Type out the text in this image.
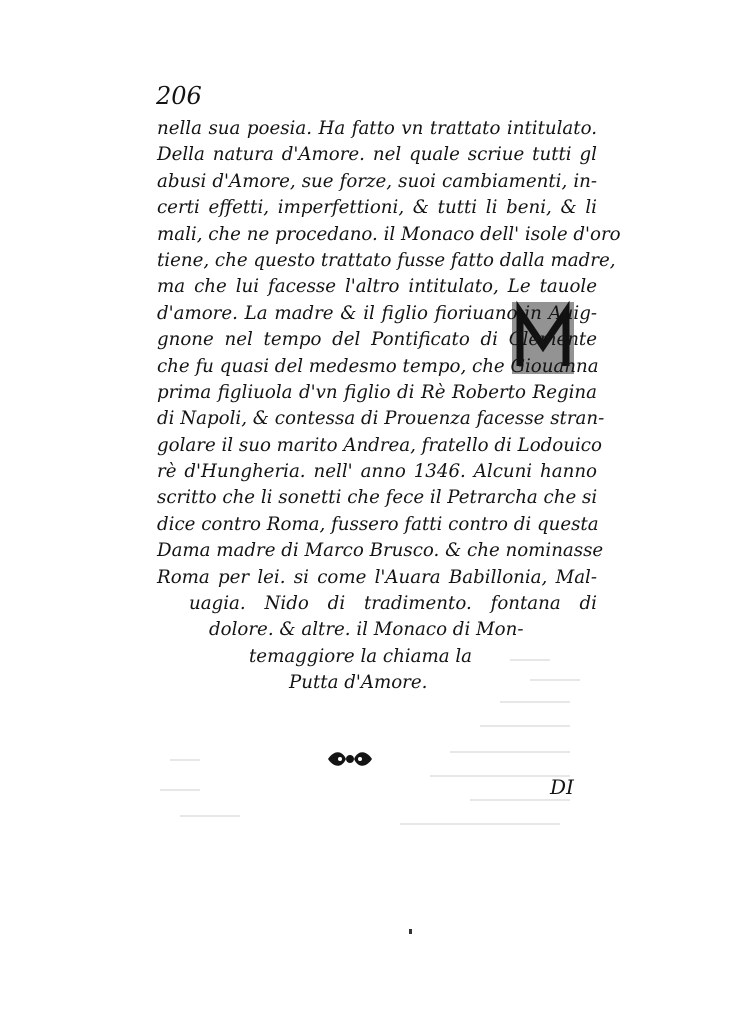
206
nella sua poesia. Ha fatto vn trattato intitulato.
Della natura d'Amore. nel quale scriue tutti gl
abusi d'Amore, sue forze, suoi cambiamenti, in-
certi effetti, imperfettioni, & tutti li beni, & li
mali, che ne procedano. il Monaco dell' isole d'oro
tiene, che questo trattato fusse fatto dalla madre,
ma che lui facesse l'altro intitulato, Le tauole
d'amore. La madre & il figlio fioriuano in Auig-
gnone nel tempo del Pontificato di Clemente
che fu quasi del medesmo tempo, che Giouanna
prima figliuola d'vn figlio di Rè Roberto Regina
di Napoli, & contessa di Prouenza facesse stran-
golare il suo marito Andrea, fratello di Lodouico
rè d'Hungheria. nell' anno 1346. Alcuni hanno
scritto che li sonetti che fece il Petrarcha che si
dice contro Roma, fussero fatti contro di questa
Dama madre di Marco Brusco. & che nominasse
Roma per lei. si come l'Auara Babillonia, Mal-
uagia. Nido di tradimento. fontana di
dolore. & altre. il Monaco di Mon-
temaggiore la chiama la
Putta d'Amore.
DI
